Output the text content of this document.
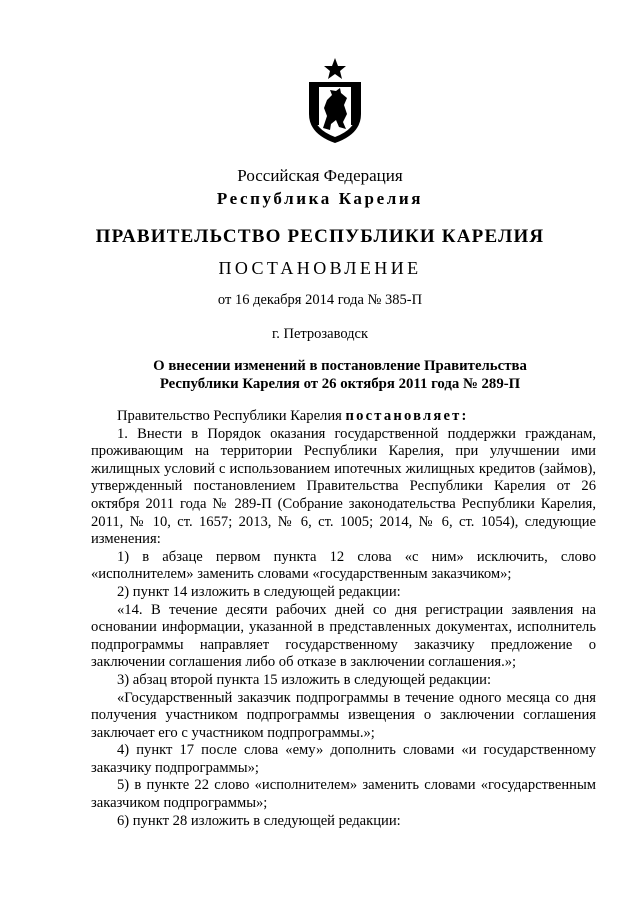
Российская Федерация
Республика Карелия
ПРАВИТЕЛЬСТВО РЕСПУБЛИКИ КАРЕЛИЯ
ПОСТАНОВЛЕНИЕ
от 16 декабря 2014 года № 385-П
г. Петрозаводск
О внесении изменений в постановление Правительства
Республики Карелия от 26 октября 2011 года № 289-П

Правительство Республики Карелия постановляет:

1. Внести в Порядок оказания государственной поддержки гражданам, проживающим на территории Республики Карелия, при улучшении ими жилищных условий с использованием ипотечных жилищных кредитов (займов), утвержденный постановлением Правительства Республики Карелия от 26 октября 2011 года № 289-П (Собрание законодательства Республики Карелия, 2011, № 10, ст. 1657; 2013, № 6, ст. 1005; 2014, № 6, ст. 1054), следующие изменения:

1) в абзаце первом пункта 12 слова «с ним» исключить, слово «исполнителем» заменить словами «государственным заказчиком»;

2) пункт 14 изложить в следующей редакции:

«14. В течение десяти рабочих дней со дня регистрации заявления на основании информации, указанной в представленных документах, исполнитель подпрограммы направляет государственному заказчику предложение о заключении соглашения либо об отказе в заключении соглашения.»;

3) абзац второй пункта 15 изложить в следующей редакции:

«Государственный заказчик подпрограммы в течение одного месяца со дня получения участником подпрограммы извещения о заключении соглашения заключает его с участником подпрограммы.»;

4) пункт 17 после слова «ему» дополнить словами «и государственному заказчику подпрограммы»;

5) в пункте 22 слово «исполнителем» заменить словами «государственным заказчиком подпрограммы»;

6) пункт 28 изложить в следующей редакции:
